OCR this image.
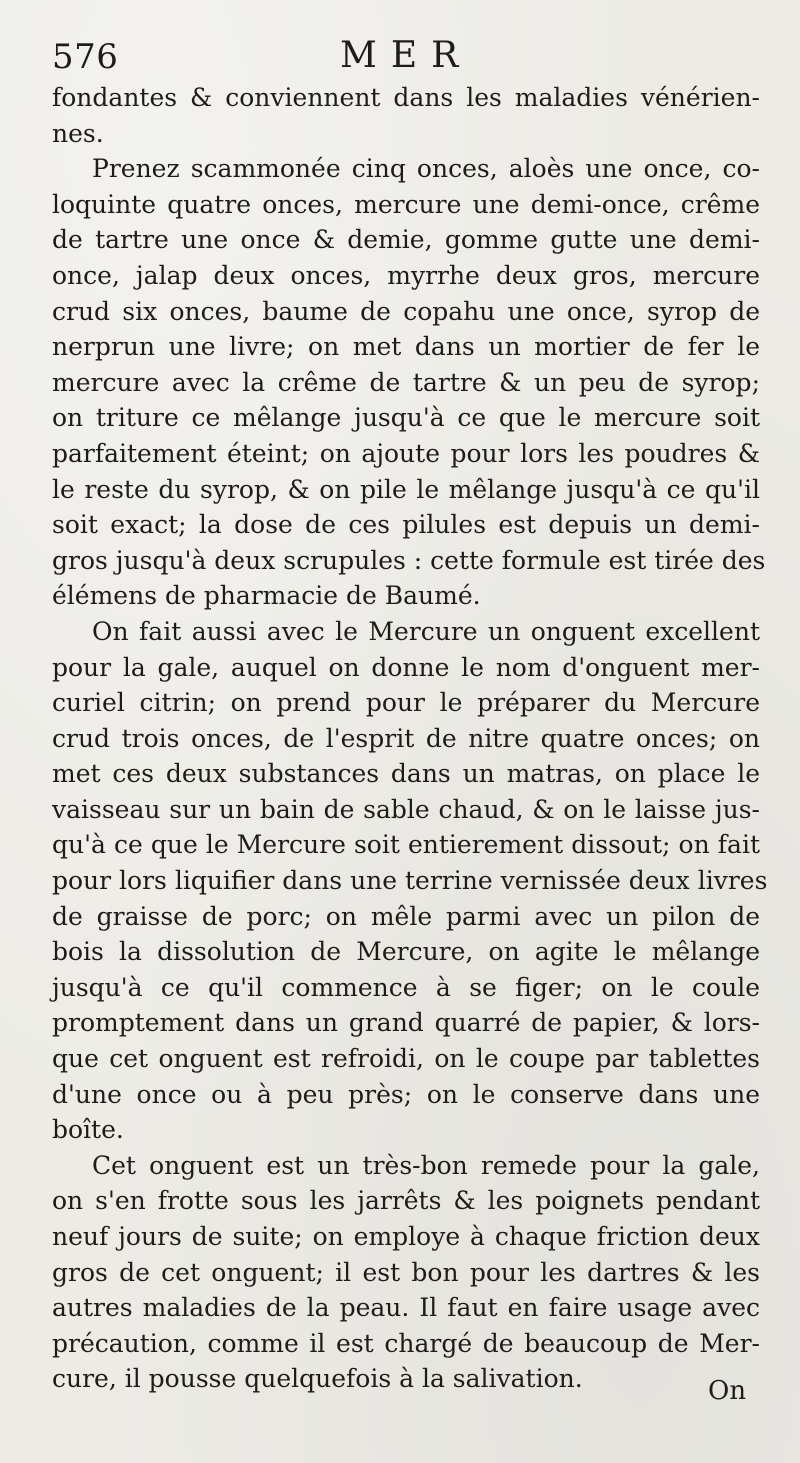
576	MER
fondantes & conviennent dans les maladies vénérien-
nes.
Prenez scammonée cinq onces, aloès une once, co-
loquinte quatre onces, mercure une demi-once, crême
de tartre une once & demie, gomme gutte une demi-
once, jalap deux onces, myrrhe deux gros, mercure
crud six onces, baume de copahu une once, syrop de
nerprun une livre; on met dans un mortier de fer le
mercure avec la crême de tartre & un peu de syrop;
on triture ce mêlange jusqu'à ce que le mercure soit
parfaitement éteint; on ajoute pour lors les poudres &
le reste du syrop, & on pile le mêlange jusqu'à ce qu'il
soit exact; la dose de ces pilules est depuis un demi-
gros jusqu'à deux scrupules : cette formule est tirée des
élémens de pharmacie de Baumé.
On fait aussi avec le Mercure un onguent excellent
pour la gale, auquel on donne le nom d'onguent mer-
curiel citrin; on prend pour le préparer du Mercure
crud trois onces, de l'esprit de nitre quatre onces; on
met ces deux substances dans un matras, on place le
vaisseau sur un bain de sable chaud, & on le laisse jus-
qu'à ce que le Mercure soit entierement dissout; on fait
pour lors liquifier dans une terrine vernissée deux livres
de graisse de porc; on mêle parmi avec un pilon de
bois la dissolution de Mercure, on agite le mêlange
jusqu'à ce qu'il commence à se figer; on le coule
promptement dans un grand quarré de papier, & lors-
que cet onguent est refroidi, on le coupe par tablettes
d'une once ou à peu près; on le conserve dans une
boîte.
Cet onguent est un très-bon remede pour la gale,
on s'en frotte sous les jarrêts & les poignets pendant
neuf jours de suite; on employe à chaque friction deux
gros de cet onguent; il est bon pour les dartres & les
autres maladies de la peau. Il faut en faire usage avec
précaution, comme il est chargé de beaucoup de Mer-
cure, il pousse quelquefois à la salivation.	On
